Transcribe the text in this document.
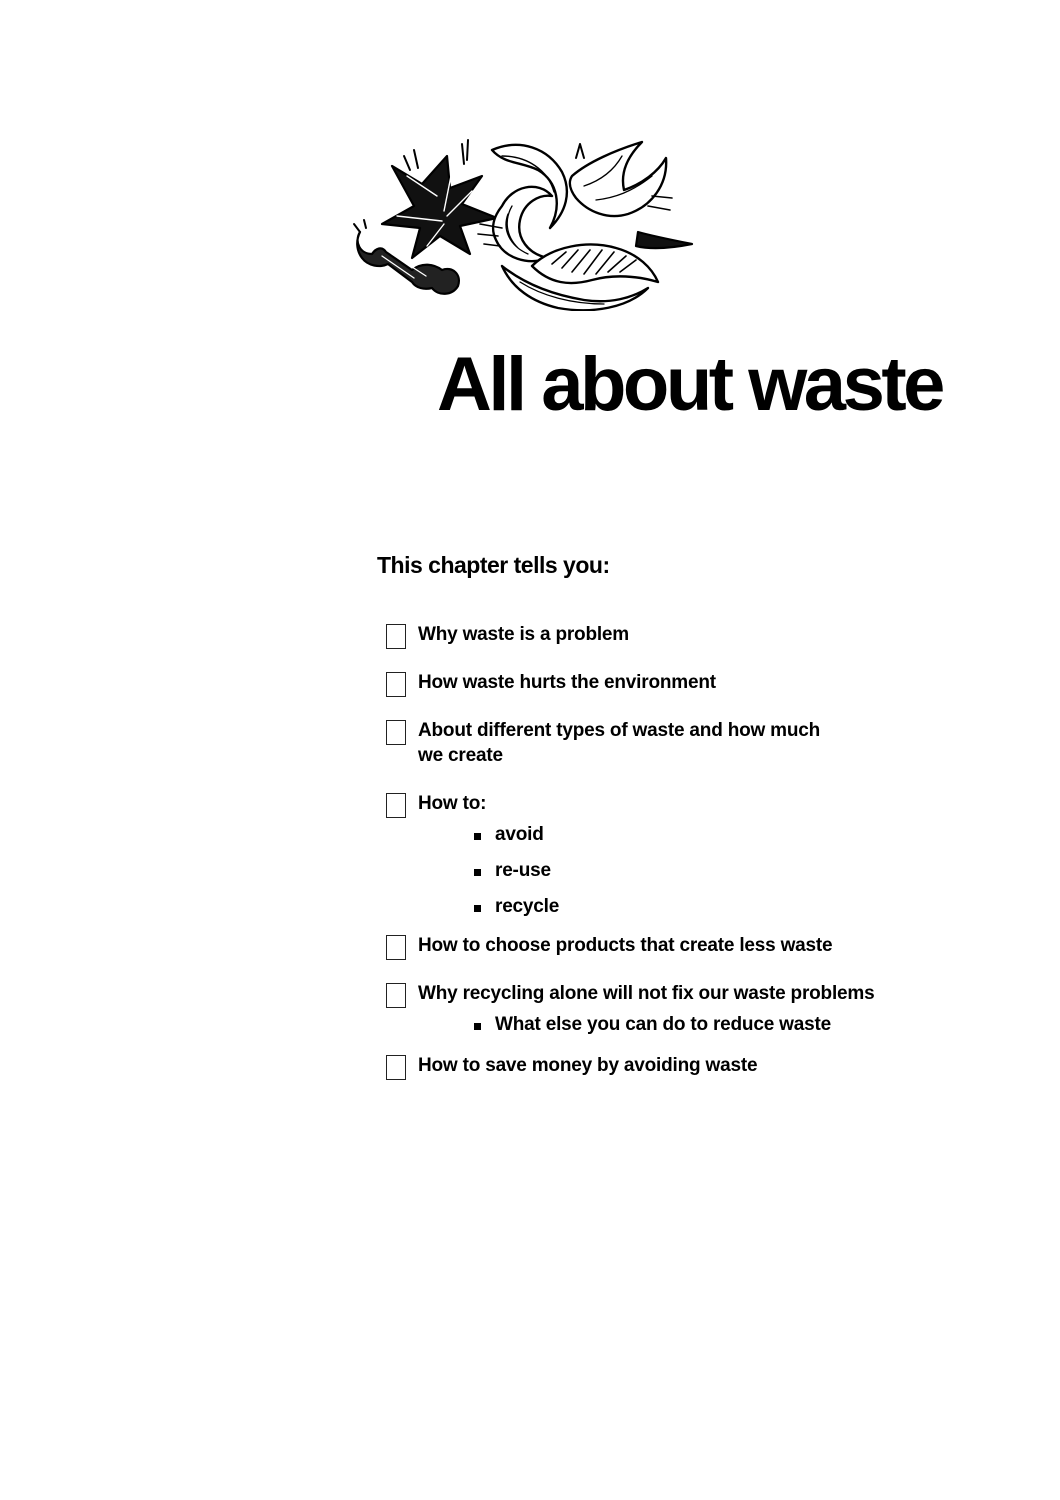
All about waste

This chapter tells you:

Why waste is a problem
How waste hurts the environment
About different types of waste and how much
we create
How to:
avoid
re-use
recycle
How to choose products that create less waste
Why recycling alone will not fix our waste problems
What else you can do to reduce waste
How to save money by avoiding waste
